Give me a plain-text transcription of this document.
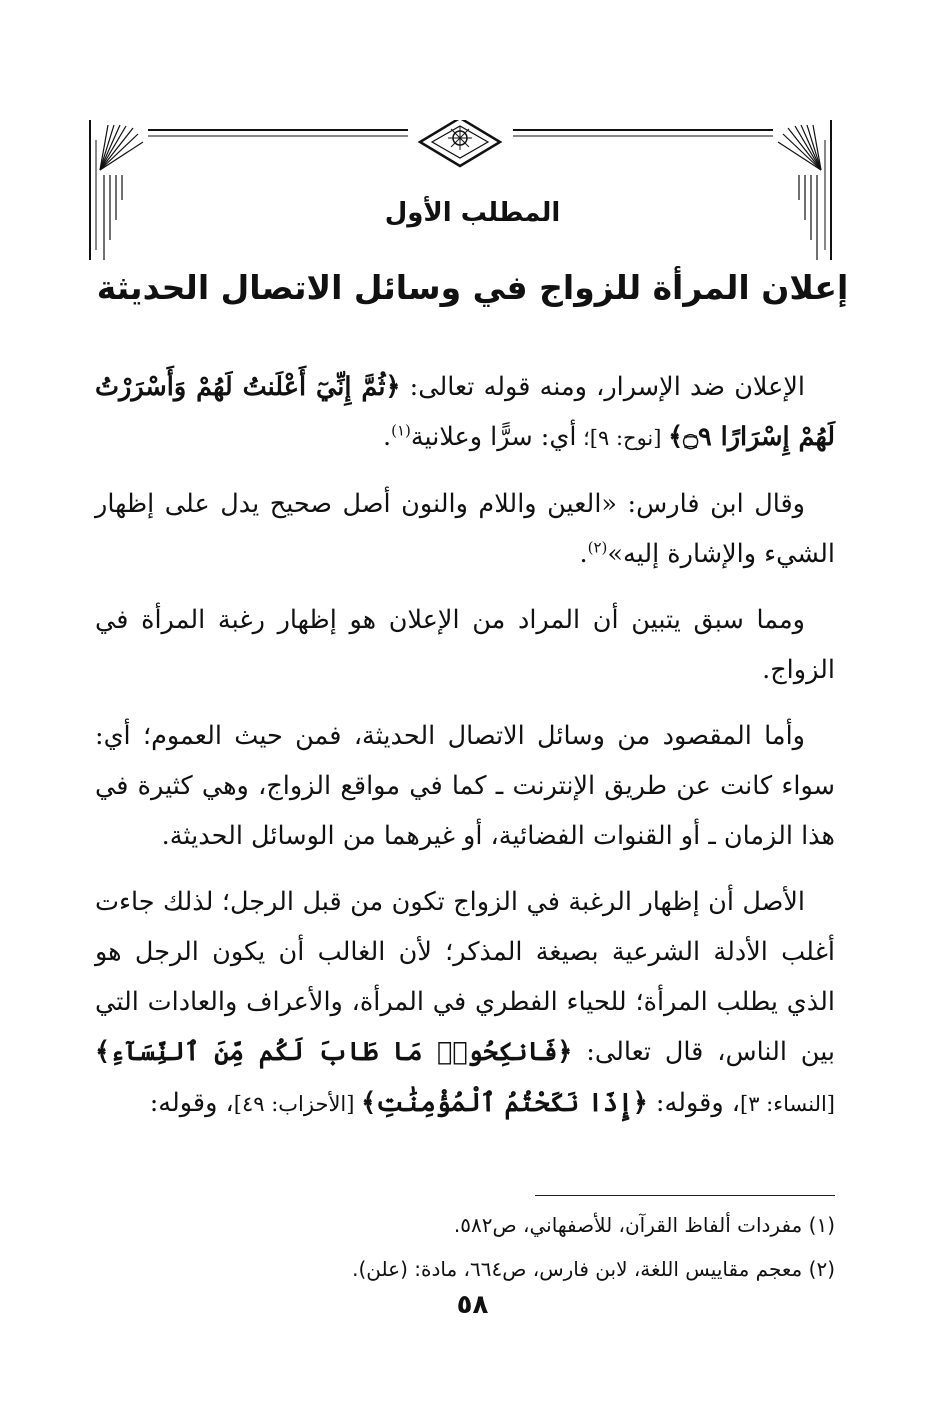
المطلب الأول
إعلان المرأة للزواج في وسائل الاتصال الحديثة

الإعلان ضد الإسرار، ومنه قوله تعالى: ﴿ثُمَّ إِنِّيٓ أَعْلَنتُ لَهُمْ وَأَسْرَرْتُ لَهُمْ إِسْرَارًا ۝٩﴾ [نوح: ٩]؛ أي: سرًّا وعلانية$^{(١)}$.

وقال ابن فارس: «العين واللام والنون أصل صحيح يدل على إظهار الشيء والإشارة إليه»$^{(٢)}$.

ومما سبق يتبين أن المراد من الإعلان هو إظهار رغبة المرأة في الزواج.

وأما المقصود من وسائل الاتصال الحديثة، فمن حيث العموم؛ أي: سواء كانت عن طريق الإنترنت ـ كما في مواقع الزواج، وهي كثيرة في هذا الزمان ـ أو القنوات الفضائية، أو غيرهما من الوسائل الحديثة.

الأصل أن إظهار الرغبة في الزواج تكون من قبل الرجل؛ لذلك جاءت أغلب الأدلة الشرعية بصيغة المذكر؛ لأن الغالب أن يكون الرجل هو الذي يطلب المرأة؛ للحياء الفطري في المرأة، والأعراف والعادات التي بين الناس، قال تعالى: ﴿فَانكِحُوا۟ مَا طَابَ لَكُم مِّنَ ٱلنِّسَآءِ﴾ [النساء: ٣]، وقوله: ﴿إِذَا نَكَحْتُمُ ٱلْمُؤْمِنَٰتِ﴾ [الأحزاب: ٤٩]، وقوله:

(١) مفردات ألفاظ القرآن، للأصفهاني، ص٥٨٢.
(٢) معجم مقاييس اللغة، لابن فارس، ص٦٦٤، مادة: (علن).
٥٨
